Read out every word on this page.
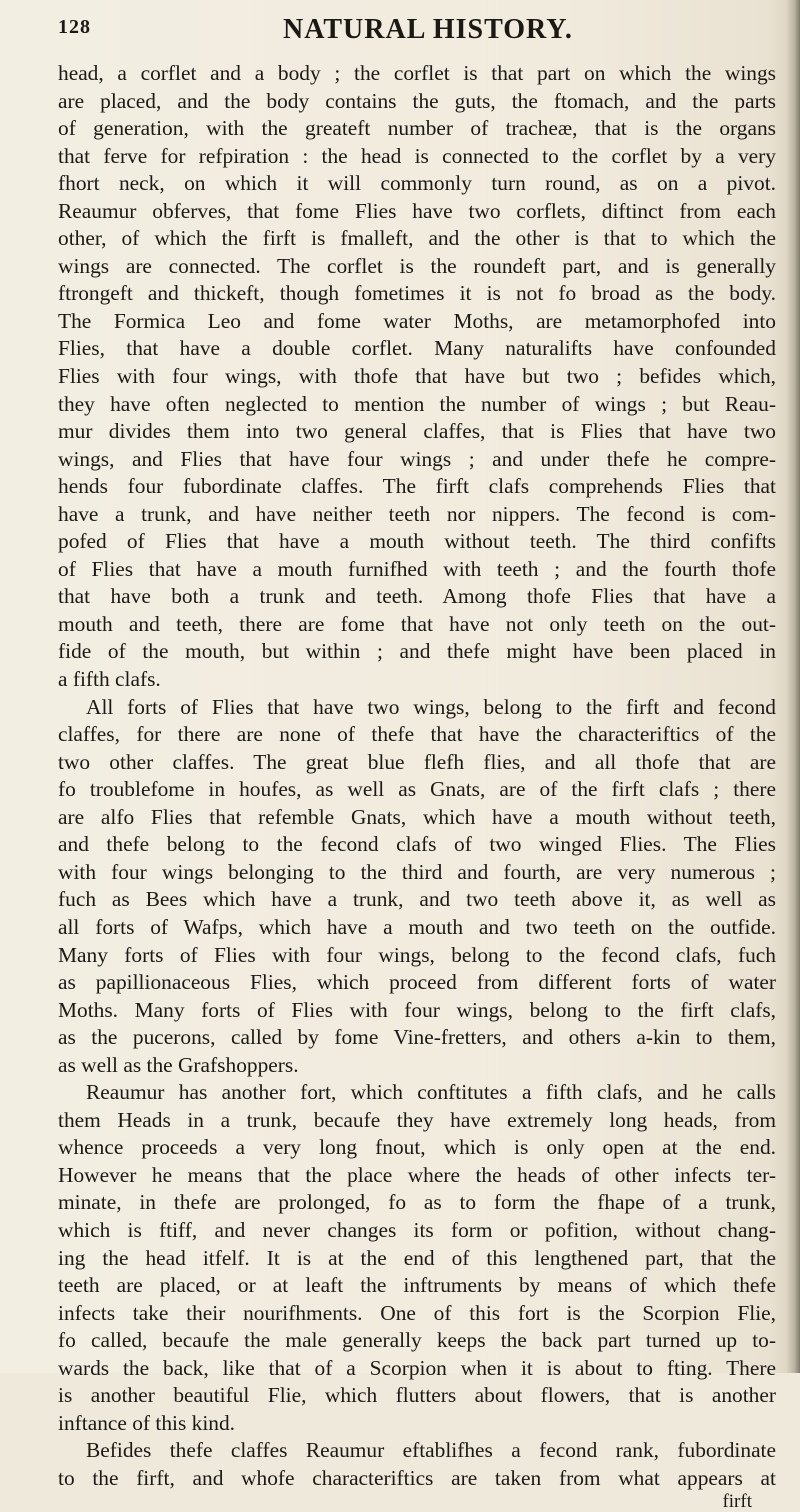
128	NATURAL HISTORY.
head, a corflet and a body ; the corflet is that part on which the wings
are placed, and the body contains the guts, the ftomach, and the parts
of generation, with the greateft number of tracheæ, that is the organs
that ferve for refpiration : the head is connected to the corflet by a very
fhort neck, on which it will commonly turn round, as on a pivot.
Reaumur obferves, that fome Flies have two corflets, diftinct from each
other, of which the firft is fmalleft, and the other is that to which the
wings are connected. The corflet is the roundeft part, and is generally
ftrongeft and thickeft, though fometimes it is not fo broad as the body.
The Formica Leo and fome water Moths, are metamorphofed into
Flies, that have a double corflet. Many naturalifts have confounded
Flies with four wings, with thofe that have but two ; befides which,
they have often neglected to mention the number of wings ; but Reau-
mur divides them into two general claffes, that is Flies that have two
wings, and Flies that have four wings ; and under thefe he compre-
hends four fubordinate claffes. The firft clafs comprehends Flies that
have a trunk, and have neither teeth nor nippers. The fecond is com-
pofed of Flies that have a mouth without teeth. The third confifts
of Flies that have a mouth furnifhed with teeth ; and the fourth thofe
that have both a trunk and teeth. Among thofe Flies that have a
mouth and teeth, there are fome that have not only teeth on the out-
fide of the mouth, but within ; and thefe might have been placed in
a fifth clafs.
All forts of Flies that have two wings, belong to the firft and fecond
claffes, for there are none of thefe that have the characteriftics of the
two other claffes. The great blue flefh flies, and all thofe that are
fo troublefome in houfes, as well as Gnats, are of the firft clafs ; there
are alfo Flies that refemble Gnats, which have a mouth without teeth,
and thefe belong to the fecond clafs of two winged Flies. The Flies
with four wings belonging to the third and fourth, are very numerous ;
fuch as Bees which have a trunk, and two teeth above it, as well as
all forts of Wafps, which have a mouth and two teeth on the outfide.
Many forts of Flies with four wings, belong to the fecond clafs, fuch
as papillionaceous Flies, which proceed from different forts of water
Moths. Many forts of Flies with four wings, belong to the firft clafs,
as the pucerons, called by fome Vine-fretters, and others a-kin to them,
as well as the Grafshoppers.
Reaumur has another fort, which conftitutes a fifth clafs, and he calls
them Heads in a trunk, becaufe they have extremely long heads, from
whence proceeds a very long fnout, which is only open at the end.
However he means that the place where the heads of other infects ter-
minate, in thefe are prolonged, fo as to form the fhape of a trunk,
which is ftiff, and never changes its form or pofition, without chang-
ing the head itfelf. It is at the end of this lengthened part, that the
teeth are placed, or at leaft the inftruments by means of which thefe
infects take their nourifhments. One of this fort is the Scorpion Flie,
fo called, becaufe the male generally keeps the back part turned up to-
wards the back, like that of a Scorpion when it is about to fting. There
is another beautiful Flie, which flutters about flowers, that is another
inftance of this kind.
Befides thefe claffes Reaumur eftablifhes a fecond rank, fubordinate
to the firft, and whofe characteriftics are taken from what appears at
firft
